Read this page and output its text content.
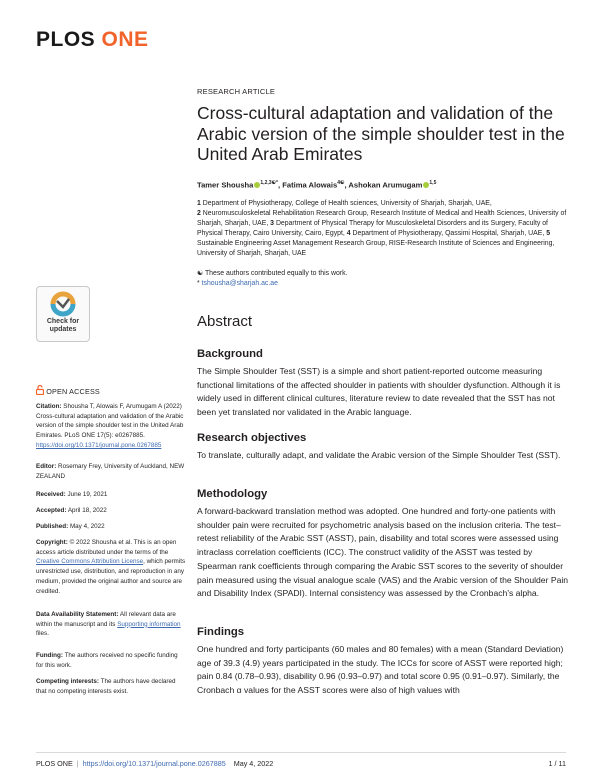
PLOS ONE
RESEARCH ARTICLE
Cross-cultural adaptation and validation of the Arabic version of the simple shoulder test in the United Arab Emirates
Tamer Shousha $^{1,2,3☯*}$, Fatima Alowais$^{4☯}$, Ashokan Arumugam $^{1,5}$
1 Department of Physiotherapy, College of Health sciences, University of Sharjah, Sharjah, UAE,
2 Neuromusculoskeletal Rehabilitation Research Group, Research Institute of Medical and Health Sciences, University of Sharjah, Sharjah, UAE, 3 Department of Physical Therapy for Musculoskeletal Disorders and its Surgery, Faculty of Physical Therapy, Cairo University, Cairo, Egypt, 4 Department of Physiotherapy, Qassimi Hospital, Sharjah, UAE, 5 Sustainable Engineering Asset Management Research Group, RISE-Research Institute of Sciences and Engineering, University of Sharjah, Sharjah, UAE
☯ These authors contributed equally to this work.
* tshousha@sharjah.ac.ae
Abstract
Background
The Simple Shoulder Test (SST) is a simple and short patient-reported outcome measuring functional limitations of the affected shoulder in patients with shoulder dysfunction. Although it is widely used in different clinical cultures, literature review to date revealed that the SST has not been yet translated nor validated in the Arabic language.
Research objectives
To translate, culturally adapt, and validate the Arabic version of the Simple Shoulder Test (SST).
Methodology
A forward-backward translation method was adopted. One hundred and forty-one patients with shoulder pain were recruited for psychometric analysis based on the inclusion criteria. The test–retest reliability of the Arabic SST (ASST), pain, disability and total scores were assessed using intraclass correlation coefficients (ICC). The construct validity of the ASST was tested by Spearman rank coefficients through comparing the Arabic SST scores to the severity of shoulder pain measured using the visual analogue scale (VAS) and the Arabic version of the Shoulder Pain and Disability Index (SPADI). Internal consistency was assessed by the Cronbach's alpha.
Findings
One hundred and forty participants (60 males and 80 females) with a mean (Standard Deviation) age of 39.3 (4.9) years participated in the study. The ICCs for score of ASST were reported high; pain 0.84 (0.78–0.93), disability 0.96 (0.93–0.97) and total score 0.95 (0.91–0.97). Similarly, the Cronbach α values for the ASST scores were also of high values with
Check for
updates
OPEN ACCESS
Citation: Shousha T, Alowais F, Arumugam A (2022) Cross-cultural adaptation and validation of the Arabic version of the simple shoulder test in the United Arab Emirates. PLoS ONE 17(5): e0267885. https://doi.org/10.1371/journal.pone.0267885
Editor: Rosemary Frey, University of Auckland, NEW ZEALAND
Received: June 19, 2021
Accepted: April 18, 2022
Published: May 4, 2022
Copyright: © 2022 Shousha et al. This is an open access article distributed under the terms of the Creative Commons Attribution License, which permits unrestricted use, distribution, and reproduction in any medium, provided the original author and source are credited.
Data Availability Statement: All relevant data are within the manuscript and its Supporting information files.
Funding: The authors received no specific funding for this work.
Competing interests: The authors have declared that no competing interests exist.
PLOS ONE | https://doi.org/10.1371/journal.pone.0267885 May 4, 2022	1 / 11
